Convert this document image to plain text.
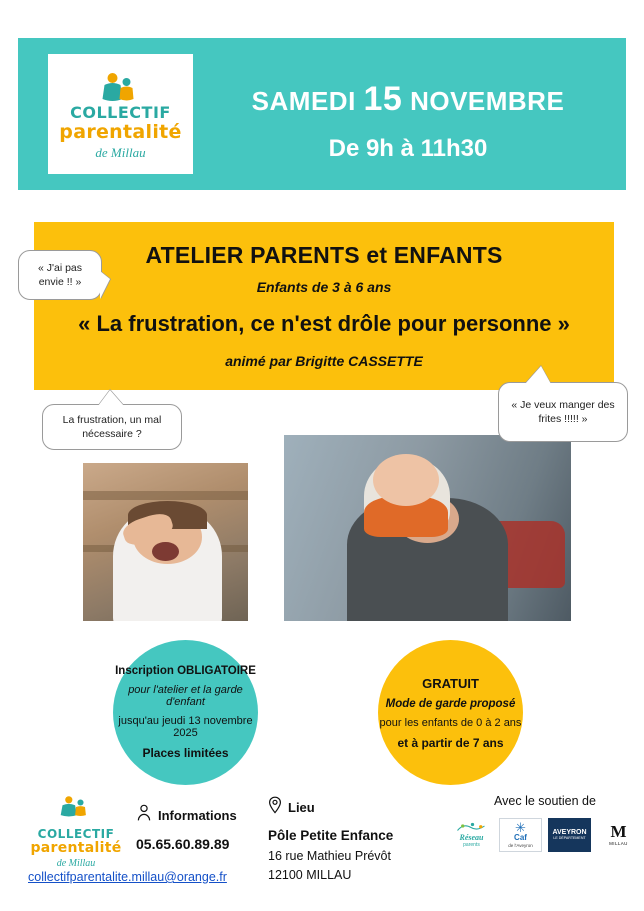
COLLECTIF
parentalité
de Millau
SAMEDI 15 NOVEMBRE
De 9h à 11h30
ATELIER PARENTS et ENFANTS
Enfants de 3 à 6 ans
« La frustration, ce n'est drôle pour personne »
animé par Brigitte CASSETTE
« J'ai pas envie !! »
La frustration, un mal nécessaire ?
« Je veux manger des frites !!!!! »
Inscription OBLIGATOIRE
pour l'atelier et la garde d'enfant
jusqu'au jeudi 13 novembre 2025
Places limitées
GRATUIT
Mode de garde proposé
pour les enfants de 0 à 2 ans
et à partir de 7 ans
COLLECTIF
parentalité
de Millau
Informations
05.65.60.89.89
collectifparentalite.millau@orange.fr
Lieu
Pôle Petite Enfance
16 rue Mathieu Prévôt
12100 MILLAU
Avec le soutien de
Réseau
parents
✳
Caf
de l'Aveyron
AVEYRON
LE DÉPARTEMENT M
MILLAU
